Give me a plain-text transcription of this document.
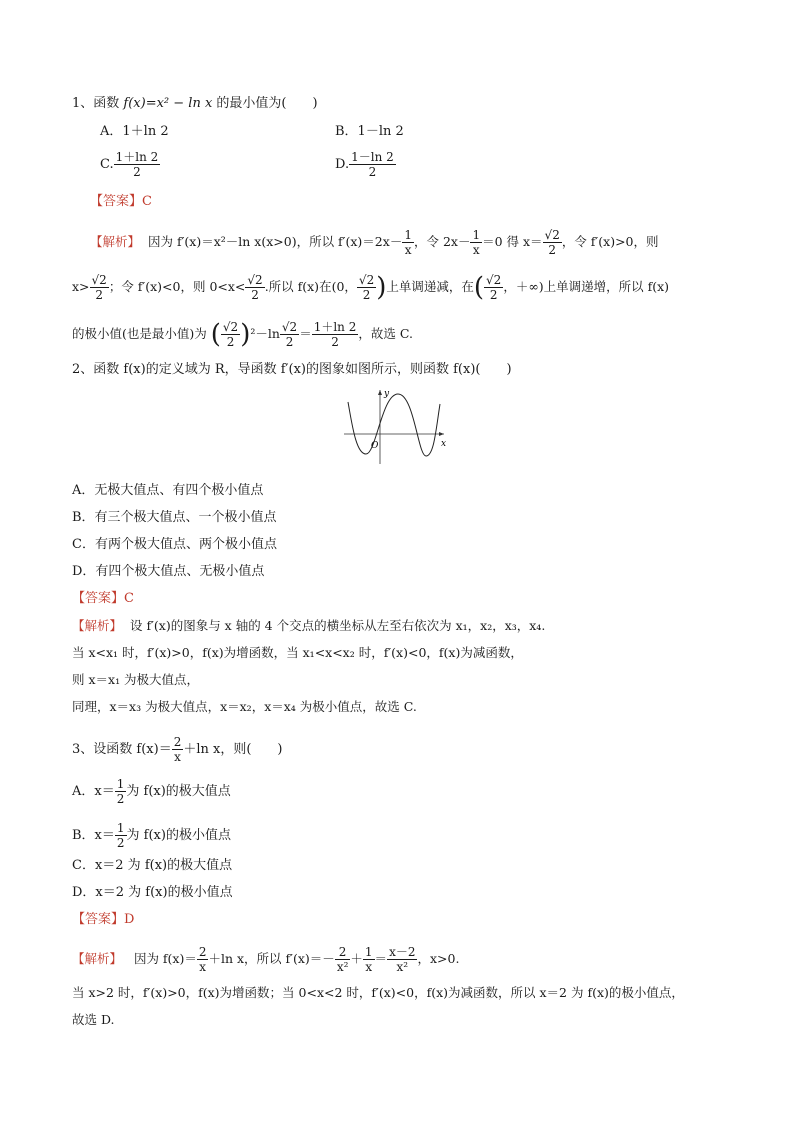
1、函数 f(x)=x² − ln x 的最小值为(　　)
A．1＋ln 2	B．1－ln 2
C. $\frac{1+\ln 2}{2}$	D. $\frac{1-\ln 2}{2}$
【答案】C
【解析】 因为 f′(x)＝x²－ln x(x>0)，所以 $f'(x)=2x- \frac{1}{x}$ ，令 $2x- \frac{1}{x} =0$ 得 $x= \frac{√2}{2}$ ，令 f′(x)>0，则
$x> \frac{√2}{2}$ ；令 f′(x)<0，则 $0<x< \frac{√2}{2}$ .所以 f(x)在(0， $\frac{√2}{2}$ )上单调递减，在( $\frac{√2}{2}$ ，＋∞)上单调递增，所以 f(x)
的极小值(也是最小值)为 ( $\frac{√2}{2} )^2-\ln \frac{√2}{2} = \frac{1+\ln 2}{2}$ ，故选 C.
2、函数 f(x)的定义域为 R，导函数 f′(x)的图象如图所示，则函数 f(x)(　　)
y
x
O
A．无极大值点、有四个极小值点
B．有三个极大值点、一个极小值点
C．有两个极大值点、两个极小值点
D．有四个极大值点、无极小值点
【答案】C
【解析】 设 f′(x)的图象与 x 轴的 4 个交点的横坐标从左至右依次为 x₁，x₂，x₃，x₄.
当 x<x₁ 时，f′(x)>0，f(x)为增函数，当 x₁<x<x₂ 时，f′(x)<0，f(x)为减函数，
则 x＝x₁ 为极大值点，
同理，x＝x₃ 为极大值点，x＝x₂，x＝x₄ 为极小值点，故选 C.
3、设函数 $f(x)= \frac{2}{x} +\ln$ x，则(　　)
A．$x= \frac{1}{2}$ 为 f(x)的极大值点
B．$x= \frac{1}{2}$ 为 f(x)的极小值点
C．x＝2 为 f(x)的极大值点
D．x＝2 为 f(x)的极小值点
【答案】D
【解析】 因为 $f(x)= \frac{2}{x} +\ln$ x，所以 $f'(x)=- \frac{2}{\text{x²}} + \frac{1}{x} = \frac{x-2}{\text{x²}}$ ，x>0.
当 x>2 时，f′(x)>0，f(x)为增函数；当 0<x<2 时，f′(x)<0，f(x)为减函数，所以 x＝2 为 f(x)的极小值点，
故选 D.
